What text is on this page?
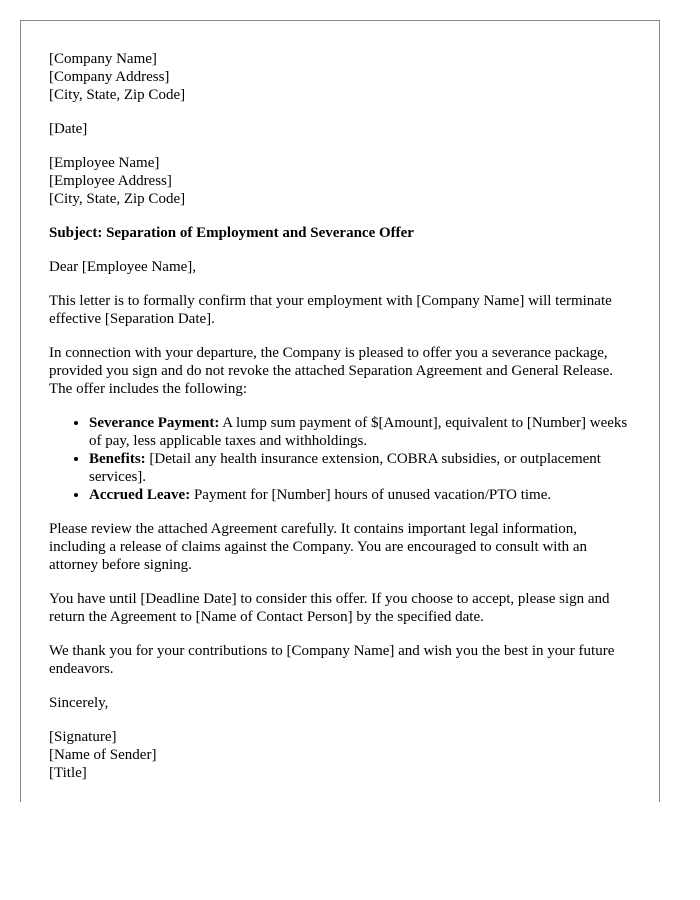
[Company Name]
[Company Address]
[City, State, Zip Code]
[Date]
[Employee Name]
[Employee Address]
[City, State, Zip Code]
Subject: Separation of Employment and Severance Offer

Dear [Employee Name],

This letter is to formally confirm that your employment with [Company Name] will terminate effective [Separation Date].

In connection with your departure, the Company is pleased to offer you a severance package, provided you sign and do not revoke the attached Separation Agreement and General Release. The offer includes the following:

• Severance Payment: A lump sum payment of $[Amount], equivalent to [Number] weeks of pay, less applicable taxes and withholdings.
• Benefits: [Detail any health insurance extension, COBRA subsidies, or outplacement services].
• Accrued Leave: Payment for [Number] hours of unused vacation/PTO time.

Please review the attached Agreement carefully. It contains important legal information, including a release of claims against the Company. You are encouraged to consult with an attorney before signing.

You have until [Deadline Date] to consider this offer. If you choose to accept, please sign and return the Agreement to [Name of Contact Person] by the specified date.

We thank you for your contributions to [Company Name] and wish you the best in your future endeavors.

Sincerely,

[Signature]
[Name of Sender]
[Title]
